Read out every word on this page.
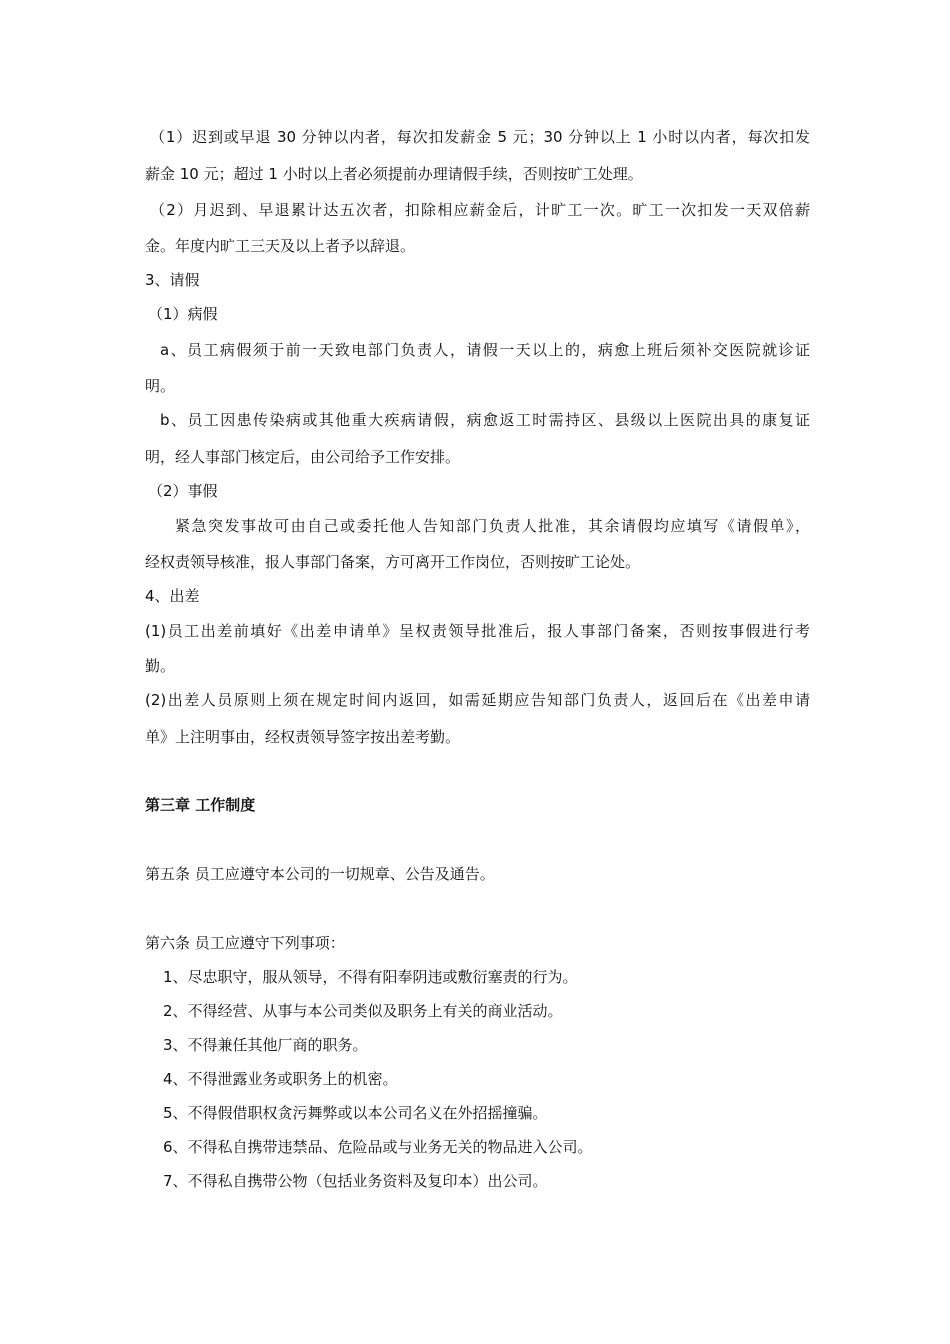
（1）迟到或早退 30 分钟以内者，每次扣发薪金 5 元；30 分钟以上 1 小时以内者，每次扣发
薪金 10 元；超过 1 小时以上者必须提前办理请假手续，否则按旷工处理。
（2）月迟到、早退累计达五次者，扣除相应薪金后，计旷工一次。旷工一次扣发一天双倍薪
金。年度内旷工三天及以上者予以辞退。
3、请假
（1）病假
a、员工病假须于前一天致电部门负责人，请假一天以上的，病愈上班后须补交医院就诊证
明。
b、员工因患传染病或其他重大疾病请假，病愈返工时需持区、县级以上医院出具的康复证
明，经人事部门核定后，由公司给予工作安排。
（2）事假
紧急突发事故可由自己或委托他人告知部门负责人批准，其余请假均应填写《请假单》，
经权责领导核准，报人事部门备案，方可离开工作岗位，否则按旷工论处。
4、出差
(1)员工出差前填好《出差申请单》呈权责领导批准后，报人事部门备案，否则按事假进行考
勤。
(2)出差人员原则上须在规定时间内返回，如需延期应告知部门负责人，返回后在《出差申请
单》上注明事由，经权责领导签字按出差考勤。
第三章 工作制度
第五条 员工应遵守本公司的一切规章、公告及通告。
第六条 员工应遵守下列事项：
1、尽忠职守，服从领导，不得有阳奉阴违或敷衍塞责的行为。
2、不得经营、从事与本公司类似及职务上有关的商业活动。
3、不得兼任其他厂商的职务。
4、不得泄露业务或职务上的机密。
5、不得假借职权贪污舞弊或以本公司名义在外招摇撞骗。
6、不得私自携带违禁品、危险品或与业务无关的物品进入公司。
7、不得私自携带公物（包括业务资料及复印本）出公司。
